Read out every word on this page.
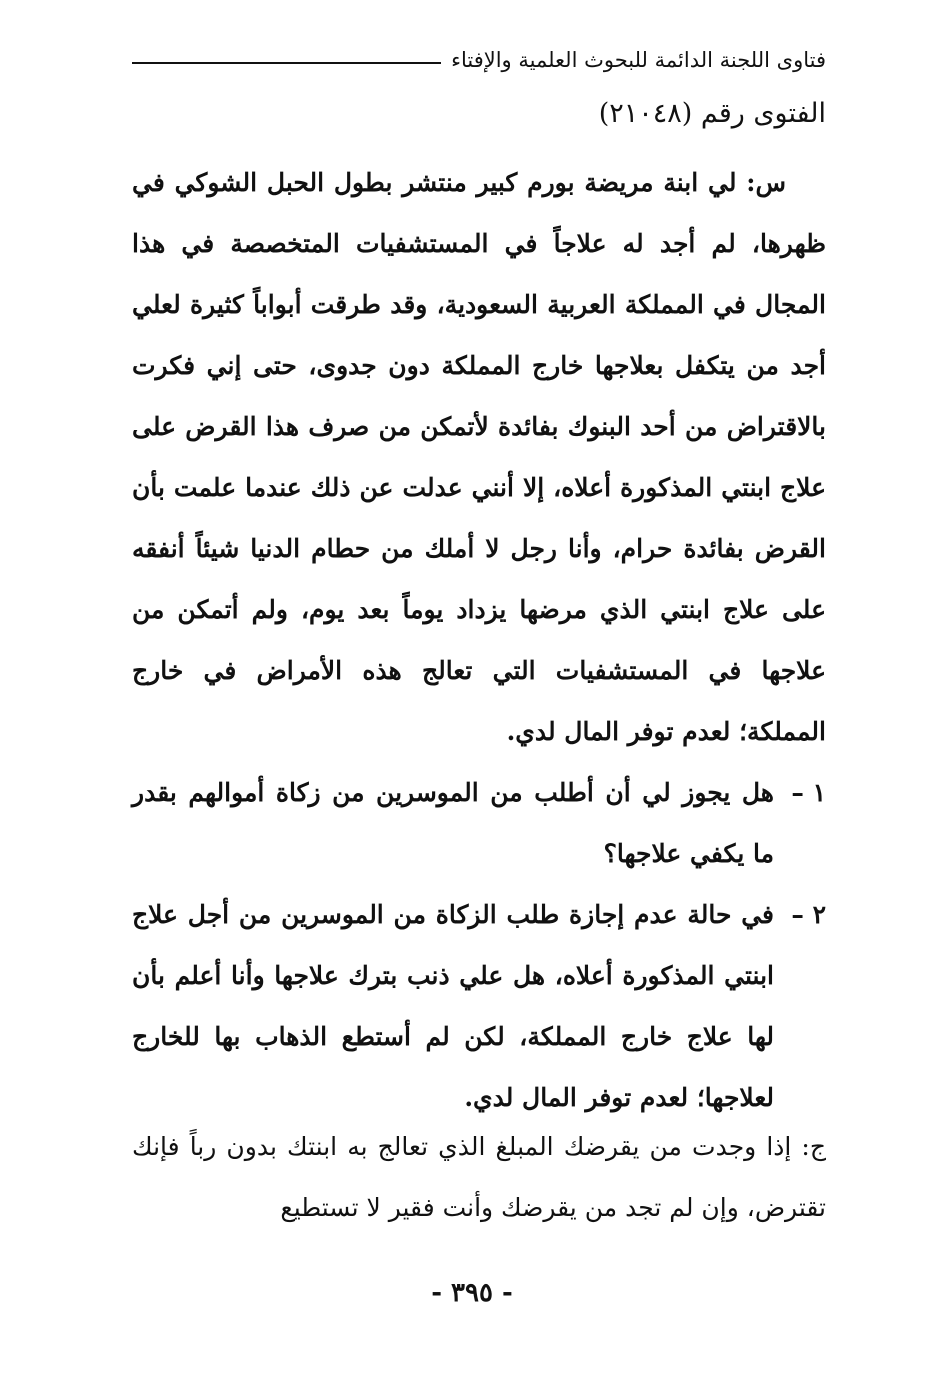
فتاوى اللجنة الدائمة للبحوث العلمية والإفتاء
الفتوى رقم (٢١٠٤٨)

س: لي ابنة مريضة بورم كبير منتشر بطول الحبل الشوكي في ظهرها، لم أجد له علاجاً في المستشفيات المتخصصة في هذا المجال في المملكة العربية السعودية، وقد طرقت أبواباً كثيرة لعلي أجد من يتكفل بعلاجها خارج المملكة دون جدوى، حتى إني فكرت بالاقتراض من أحد البنوك بفائدة لأتمكن من صرف هذا القرض على علاج ابنتي المذكورة أعلاه، إلا أنني عدلت عن ذلك عندما علمت بأن القرض بفائدة حرام، وأنا رجل لا أملك من حطام الدنيا شيئاً أنفقه على علاج ابنتي الذي مرضها يزداد يوماً بعد يوم، ولم أتمكن من علاجها في المستشفيات التي تعالج هذه الأمراض في خارج المملكة؛ لعدم توفر المال لدي.

١ –
هل يجوز لي أن أطلب من الموسرين من زكاة أموالهم بقدر ما يكفي علاجها؟
٢ –
في حالة عدم إجازة طلب الزكاة من الموسرين من أجل علاج ابنتي المذكورة أعلاه، هل علي ذنب بترك علاجها وأنا أعلم بأن لها علاج خارج المملكة، لكن لم أستطع الذهاب بها للخارج لعلاجها؛ لعدم توفر المال لدي.

ج: إذا وجدت من يقرضك المبلغ الذي تعالج به ابنتك بدون رباً فإنك تقترض، وإن لم تجد من يقرضك وأنت فقير لا تستطيع

- ٣٩٥ -
